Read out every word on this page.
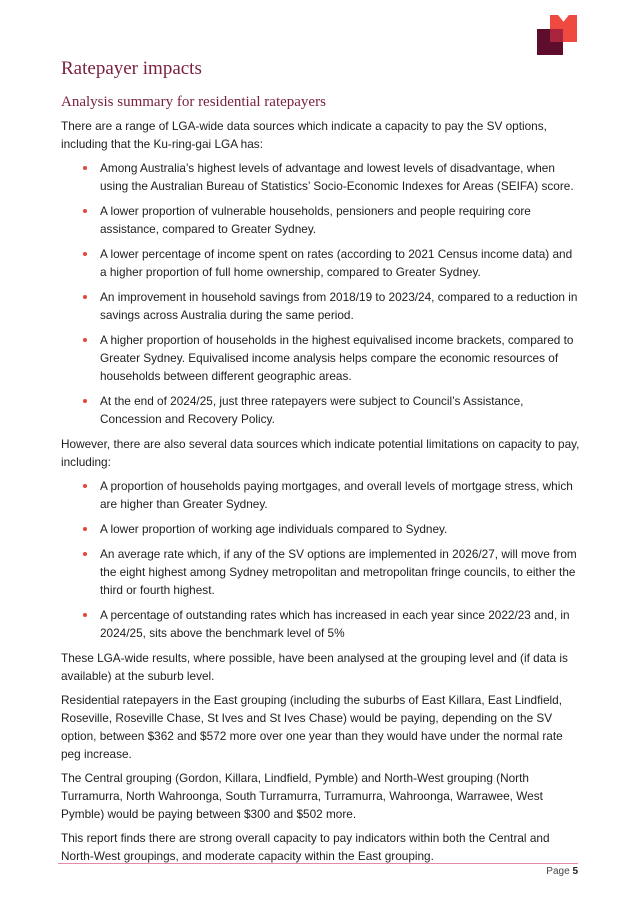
Ratepayer impacts
Analysis summary for residential ratepayers

There are a range of LGA-wide data sources which indicate a capacity to pay the SV options, including that the Ku-ring-gai LGA has:

Among Australia’s highest levels of advantage and lowest levels of disadvantage, when using the Australian Bureau of Statistics’ Socio-Economic Indexes for Areas (SEIFA) score.
A lower proportion of vulnerable households, pensioners and people requiring core assistance, compared to Greater Sydney.
A lower percentage of income spent on rates (according to 2021 Census income data) and a higher proportion of full home ownership, compared to Greater Sydney.
An improvement in household savings from 2018/19 to 2023/24, compared to a reduction in savings across Australia during the same period.
A higher proportion of households in the highest equivalised income brackets, compared to Greater Sydney. Equivalised income analysis helps compare the economic resources of households between different geographic areas.
At the end of 2024/25, just three ratepayers were subject to Council’s Assistance, Concession and Recovery Policy.

However, there are also several data sources which indicate potential limitations on capacity to pay, including:

A proportion of households paying mortgages, and overall levels of mortgage stress, which are higher than Greater Sydney.
A lower proportion of working age individuals compared to Sydney.
An average rate which, if any of the SV options are implemented in 2026/27, will move from the eight highest among Sydney metropolitan and metropolitan fringe councils, to either the third or fourth highest.
A percentage of outstanding rates which has increased in each year since 2022/23 and, in 2024/25, sits above the benchmark level of 5%

These LGA-wide results, where possible, have been analysed at the grouping level and (if data is available) at the suburb level.

Residential ratepayers in the East grouping (including the suburbs of East Killara, East Lindfield, Roseville, Roseville Chase, St Ives and St Ives Chase) would be paying, depending on the SV option, between $362 and $572 more over one year than they would have under the normal rate peg increase.

The Central grouping (Gordon, Killara, Lindfield, Pymble) and North-West grouping (North Turramurra, North Wahroonga, South Turramurra, Turramurra, Wahroonga, Warrawee, West Pymble) would be paying between $300 and $502 more.

This report finds there are strong overall capacity to pay indicators within both the Central and North-West groupings, and moderate capacity within the East grouping.

Page 5
